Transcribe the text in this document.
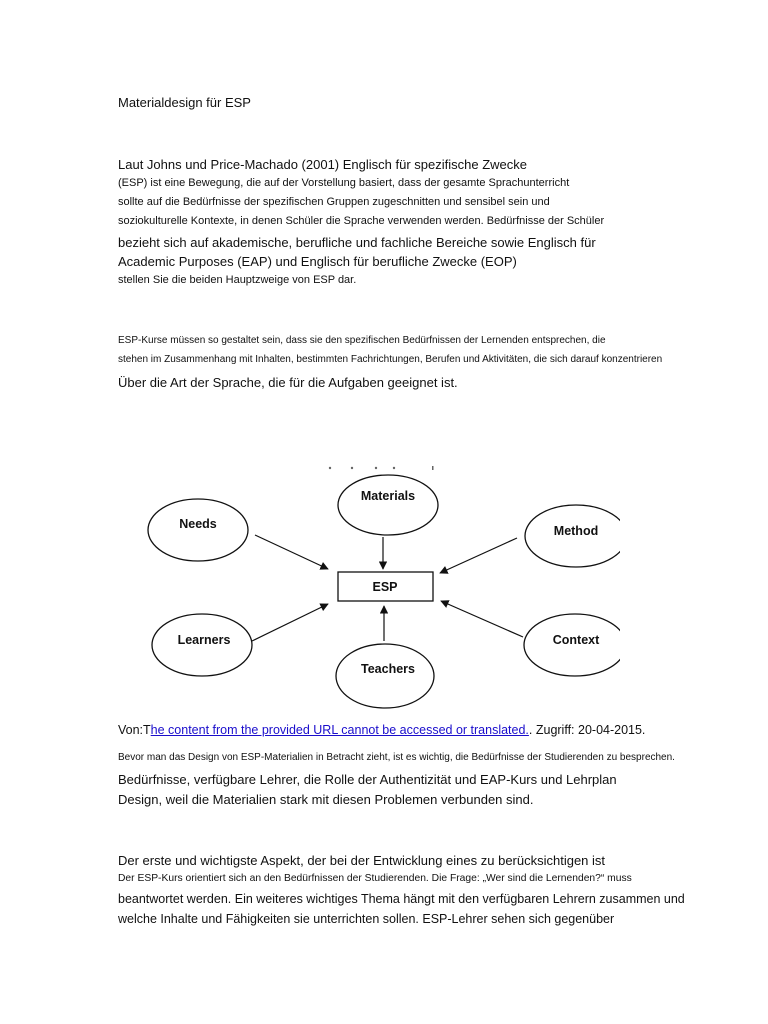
Materialdesign für ESP
Laut Johns und Price-Machado (2001) Englisch für spezifische Zwecke
(ESP) ist eine Bewegung, die auf der Vorstellung basiert, dass der gesamte Sprachunterricht
sollte auf die Bedürfnisse der spezifischen Gruppen zugeschnitten und sensibel sein und
soziokulturelle Kontexte, in denen Schüler die Sprache verwenden werden. Bedürfnisse der Schüler
bezieht sich auf akademische, berufliche und fachliche Bereiche sowie Englisch für
Academic Purposes (EAP) und Englisch für berufliche Zwecke (EOP)
stellen Sie die beiden Hauptzweige von ESP dar.
ESP-Kurse müssen so gestaltet sein, dass sie den spezifischen Bedürfnissen der Lernenden entsprechen, die
stehen im Zusammenhang mit Inhalten, bestimmten Fachrichtungen, Berufen und Aktivitäten, die sich darauf konzentrieren
Über die Art der Sprache, die für die Aufgaben geeignet ist.
Materials
Needs	Method
Learners	Context
Teachers
ESP
Von:The content from the provided URL cannot be accessed or translated.. Zugriff: 20-04-2015.
Bevor man das Design von ESP-Materialien in Betracht zieht, ist es wichtig, die Bedürfnisse der Studierenden zu besprechen.
Bedürfnisse, verfügbare Lehrer, die Rolle der Authentizität und EAP-Kurs und Lehrplan
Design, weil die Materialien stark mit diesen Problemen verbunden sind.
Der erste und wichtigste Aspekt, der bei der Entwicklung eines zu berücksichtigen ist
Der ESP-Kurs orientiert sich an den Bedürfnissen der Studierenden. Die Frage: „Wer sind die Lernenden?“ muss
beantwortet werden. Ein weiteres wichtiges Thema hängt mit den verfügbaren Lehrern zusammen und
welche Inhalte und Fähigkeiten sie unterrichten sollen. ESP-Lehrer sehen sich gegenüber
